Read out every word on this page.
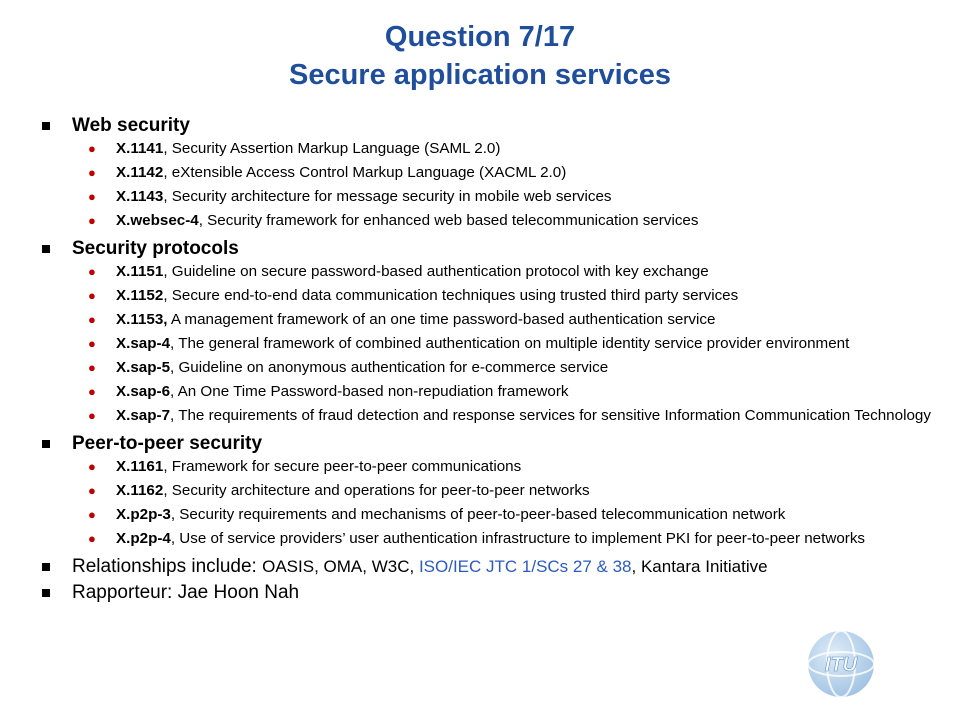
Question 7/17
Secure application services
Web security
● X.1141, Security Assertion Markup Language (SAML 2.0)
● X.1142, eXtensible Access Control Markup Language (XACML 2.0)
● X.1143, Security architecture for message security in mobile web services
● X.websec-4, Security framework for enhanced web based telecommunication services
Security protocols
● X.1151, Guideline on secure password-based authentication protocol with key exchange
● X.1152, Secure end-to-end data communication techniques using trusted third party services
● X.1153, A management framework of an one time password-based authentication service
● X.sap-4, The general framework of combined authentication on multiple identity service provider environment
● X.sap-5, Guideline on anonymous authentication for e-commerce service
● X.sap-6, An One Time Password-based non-repudiation framework
● X.sap-7, The requirements of fraud detection and response services for sensitive Information Communication Technology
Peer-to-peer security
● X.1161, Framework for secure peer-to-peer communications
● X.1162, Security architecture and operations for peer-to-peer networks
● X.p2p-3, Security requirements and mechanisms of peer-to-peer-based telecommunication network
● X.p2p-4, Use of service providers’ user authentication infrastructure to implement PKI for peer-to-peer networks
Relationships include: OASIS, OMA, W3C, ISO/IEC JTC 1/SCs 27 & 38, Kantara Initiative
Rapporteur: Jae Hoon Nah
ITU
